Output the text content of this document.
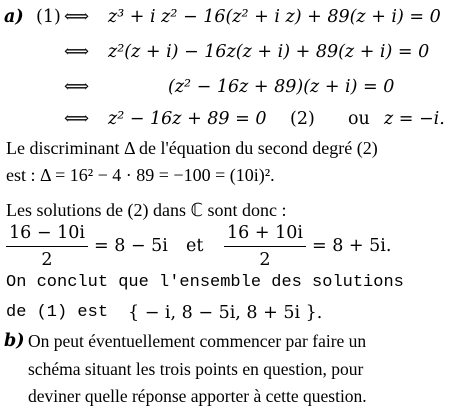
a) (1) ⟺ z³ + i z² − 16(z² + i z) + 89(z + i) = 0
⟺ z²(z + i) − 16z(z + i) + 89(z + i) = 0
⟺	(z² − 16z + 89)(z + i) = 0
⟺ z² − 16z + 89 = 0 (2) ou z = −i.
Le discriminant Δ de l'équation du second degré (2)
est : Δ = 16² − 4 · 89 = −100 = (10i)².
Les solutions de (2) dans ℂ sont donc :
16 − 10i
2
= 8 − 5i	et
16 + 10i
2
= 8 + 5i.
On conclut que l'ensemble des solutions
de (1) est { − i, 8 − 5i, 8 + 5i }.
b) On peut éventuellement commencer par faire un
schéma situant les trois points en question, pour
deviner quelle réponse apporter à cette question.
